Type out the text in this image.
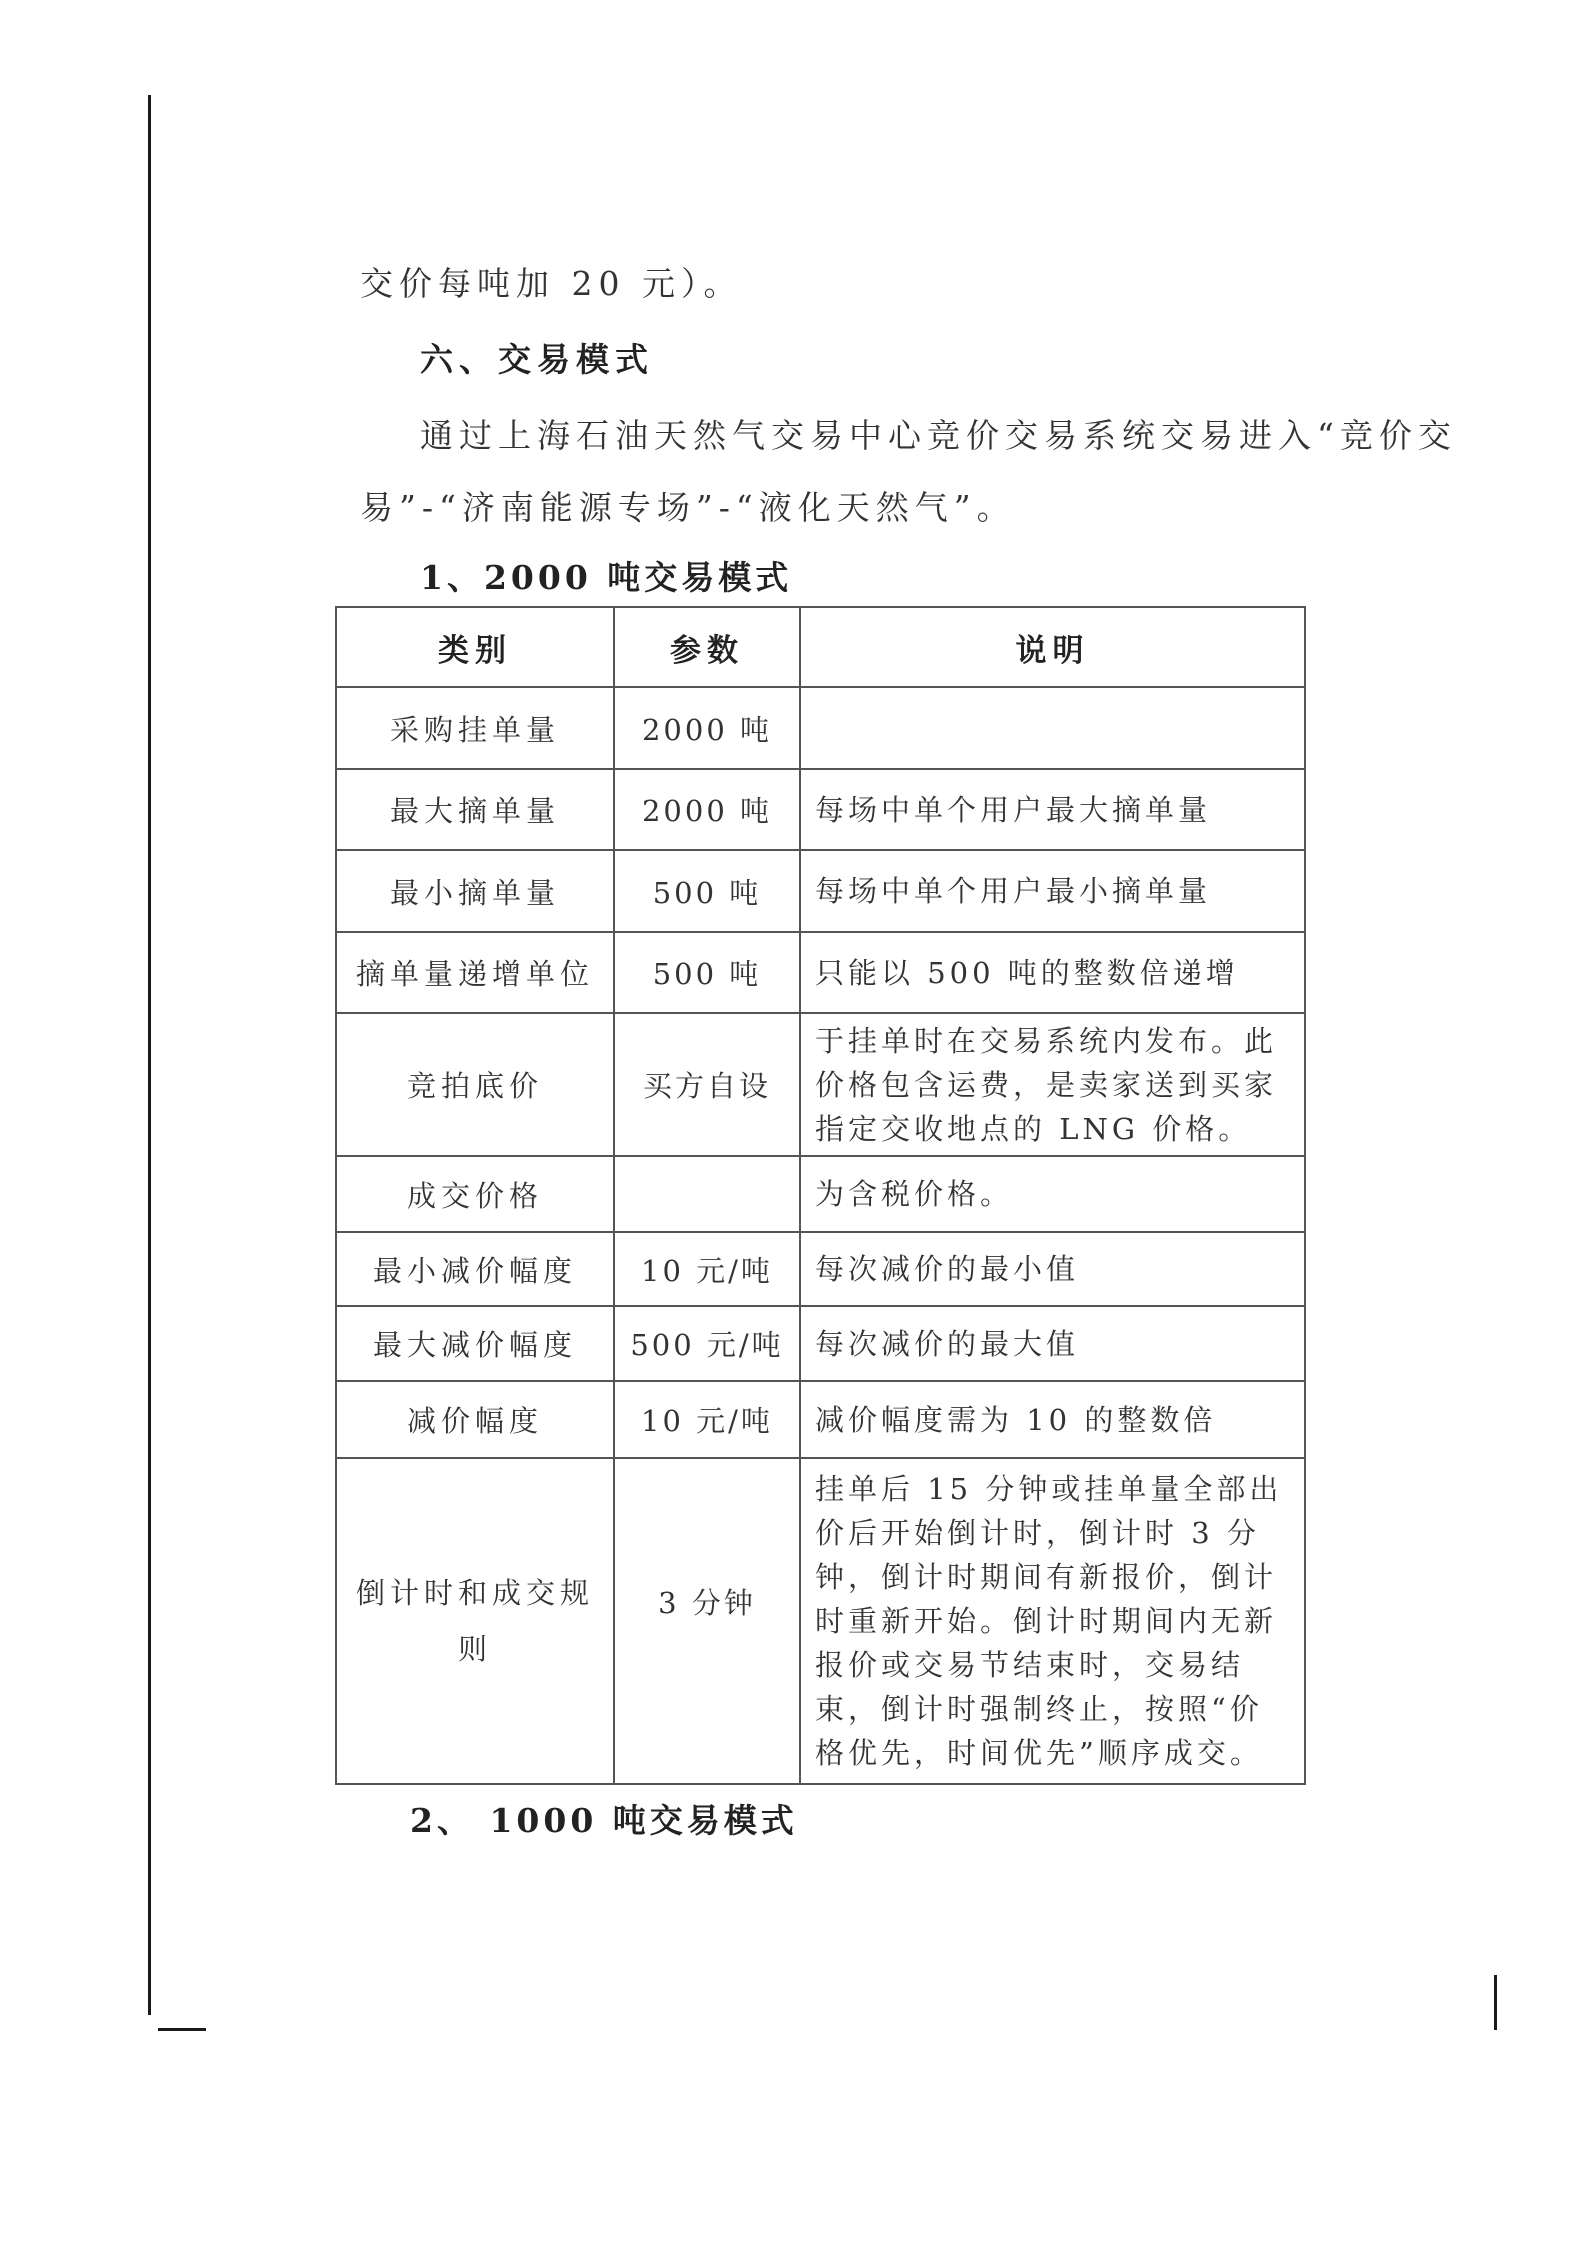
交价每吨加 20 元）。
六、交易模式
通过上海石油天然气交易中心竞价交易系统交易进入“竞价交
易”-“济南能源专场”-“液化天然气”。
1、2000 吨交易模式
类别	参数	说明
采购挂单量	2000 吨	
最大摘单量	2000 吨	每场中单个用户最大摘单量
最小摘单量	500 吨	每场中单个用户最小摘单量
摘单量递增单位	500 吨	只能以 500 吨的整数倍递增
竞拍底价	买方自设	于挂单时在交易系统内发布。此价格包含运费，是卖家送到买家指定交收地点的 LNG 价格。
成交价格		为含税价格。
最小减价幅度	10 元/吨	每次减价的最小值
最大减价幅度	500 元/吨	每次减价的最大值
减价幅度	10 元/吨	减价幅度需为 10 的整数倍
倒计时和成交规则	3 分钟	挂单后 15 分钟或挂单量全部出价后开始倒计时，倒计时 3 分钟，倒计时期间有新报价，倒计时重新开始。倒计时期间内无新报价或交易节结束时，交易结束，倒计时强制终止，按照“价格优先，时间优先”顺序成交。
2、 1000 吨交易模式
